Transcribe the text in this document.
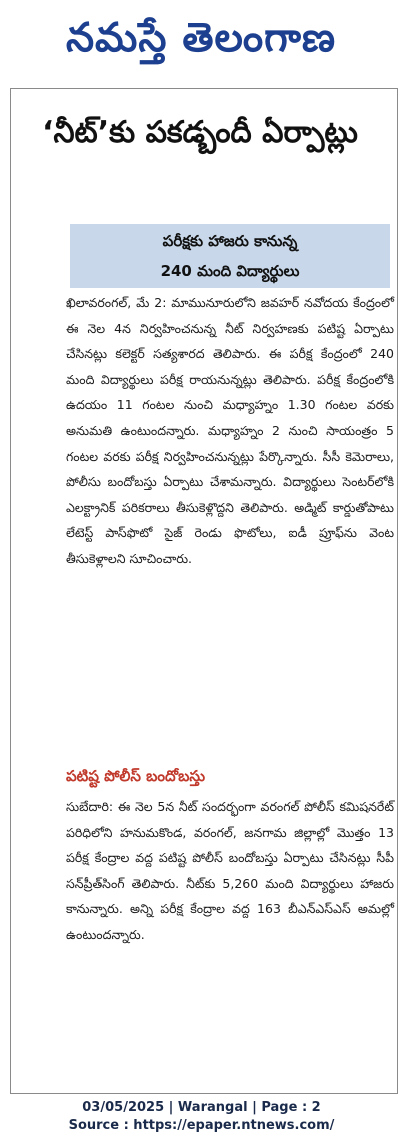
నమస్తే తెలంగాణ
‘నీట్’కు పకడ్బందీ ఏర్పాట్లు
పరీక్షకు హాజరు కానున్న
240 మంది విద్యార్థులు
ఖిలావరంగల్, మే 2: మామునూరులోని జవహర్ నవోదయ కేంద్రంలో ఈ నెల 4న నిర్వహించనున్న నీట్ నిర్వహణకు పటిష్ట ఏర్పాటు చేసినట్లు కలెక్టర్ సత్యశారద తెలిపారు. ఈ పరీక్ష కేంద్రంలో 240 మంది విద్యార్థులు పరీక్ష రాయనున్నట్లు తెలిపారు. పరీక్ష కేంద్రంలోకి ఉదయం 11 గంటల నుంచి మధ్యాహ్నం 1.30 గంటల వరకు అనుమతి ఉంటుందన్నారు. మధ్యాహ్నం 2 నుంచి సాయంత్రం 5 గంటల వరకు పరీక్ష నిర్వహించనున్నట్లు పేర్కొన్నారు. సీసీ కెమెరాలు, పోలీసు బందోబస్తు ఏర్పాటు చేశామన్నారు. విద్యార్థులు సెంటర్‌లోకి ఎలక్ట్రానిక్ పరికరాలు తీసుకెళ్లొద్దని తెలిపారు. అడ్మిట్ కార్డుతోపాటు లేటెస్ట్ పాస్‌ఫొటో సైజ్ రెండు ఫొటోలు, ఐడీ ప్రూఫ్‌ను వెంట తీసుకెళ్లాలని సూచించారు.
పటిష్ట పోలీస్ బందోబస్తు
సుబేదారి: ఈ నెల 5న నీట్ సందర్భంగా వరంగల్ పోలీస్ కమిషనరేట్ పరిధిలోని హనుమకొండ, వరంగల్, జనగామ జిల్లాల్లో మొత్తం 13 పరీక్ష కేంద్రాల వద్ద పటిష్ట పోలీస్ బందోబస్తు ఏర్పాటు చేసినట్లు సీపీ సన్‌ప్రీత్‌సింగ్ తెలిపారు. నీట్‌కు 5,260 మంది విద్యార్థులు హాజరు కానున్నారు. అన్ని పరీక్ష కేంద్రాల వద్ద 163 బీఎన్ఎస్ఎస్ అమల్లో ఉంటుందన్నారు.
03/05/2025 | Warangal | Page : 2
Source : https://epaper.ntnews.com/
